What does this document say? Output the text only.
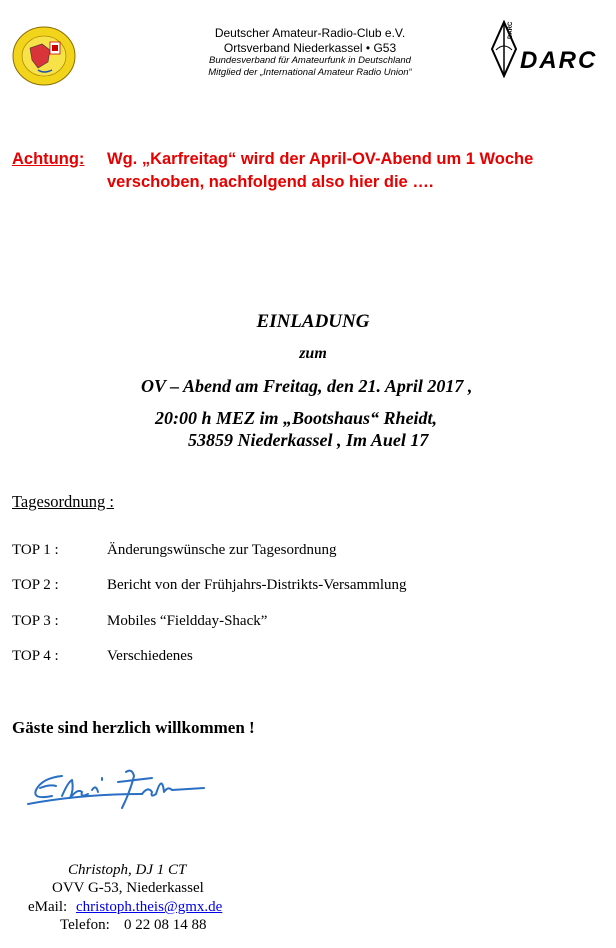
Deutscher Amateur-Radio-Club e.V.
Ortsverband Niederkassel • G53
Bundesverband für Amateurfunk in Deutschland
Mitglied der „International Amateur Radio Union“
DARC
DARC
Achtung: Wg. „Karfreitag“ wird der April-OV-Abend um 1 Woche
verschoben, nachfolgend also hier die ….
EINLADUNG
zum
OV – Abend am Freitag, den 21. April 2017 ,
20:00 h MEZ im „Bootshaus“ Rheidt,
53859 Niederkassel , Im Auel 17
Tagesordnung :
TOP 1 :	Änderungswünsche zur Tagesordnung
TOP 2 :	Bericht von der Frühjahrs-Distrikts-Versammlung
TOP 3 :	Mobiles “Fieldday-Shack”
TOP 4 :	Verschiedenes
Gäste sind herzlich willkommen !
Christoph, DJ 1 CT
OVV G-53, Niederkassel
eMail: christoph.theis@gmx.de
Telefon: 0 22 08 14 88
